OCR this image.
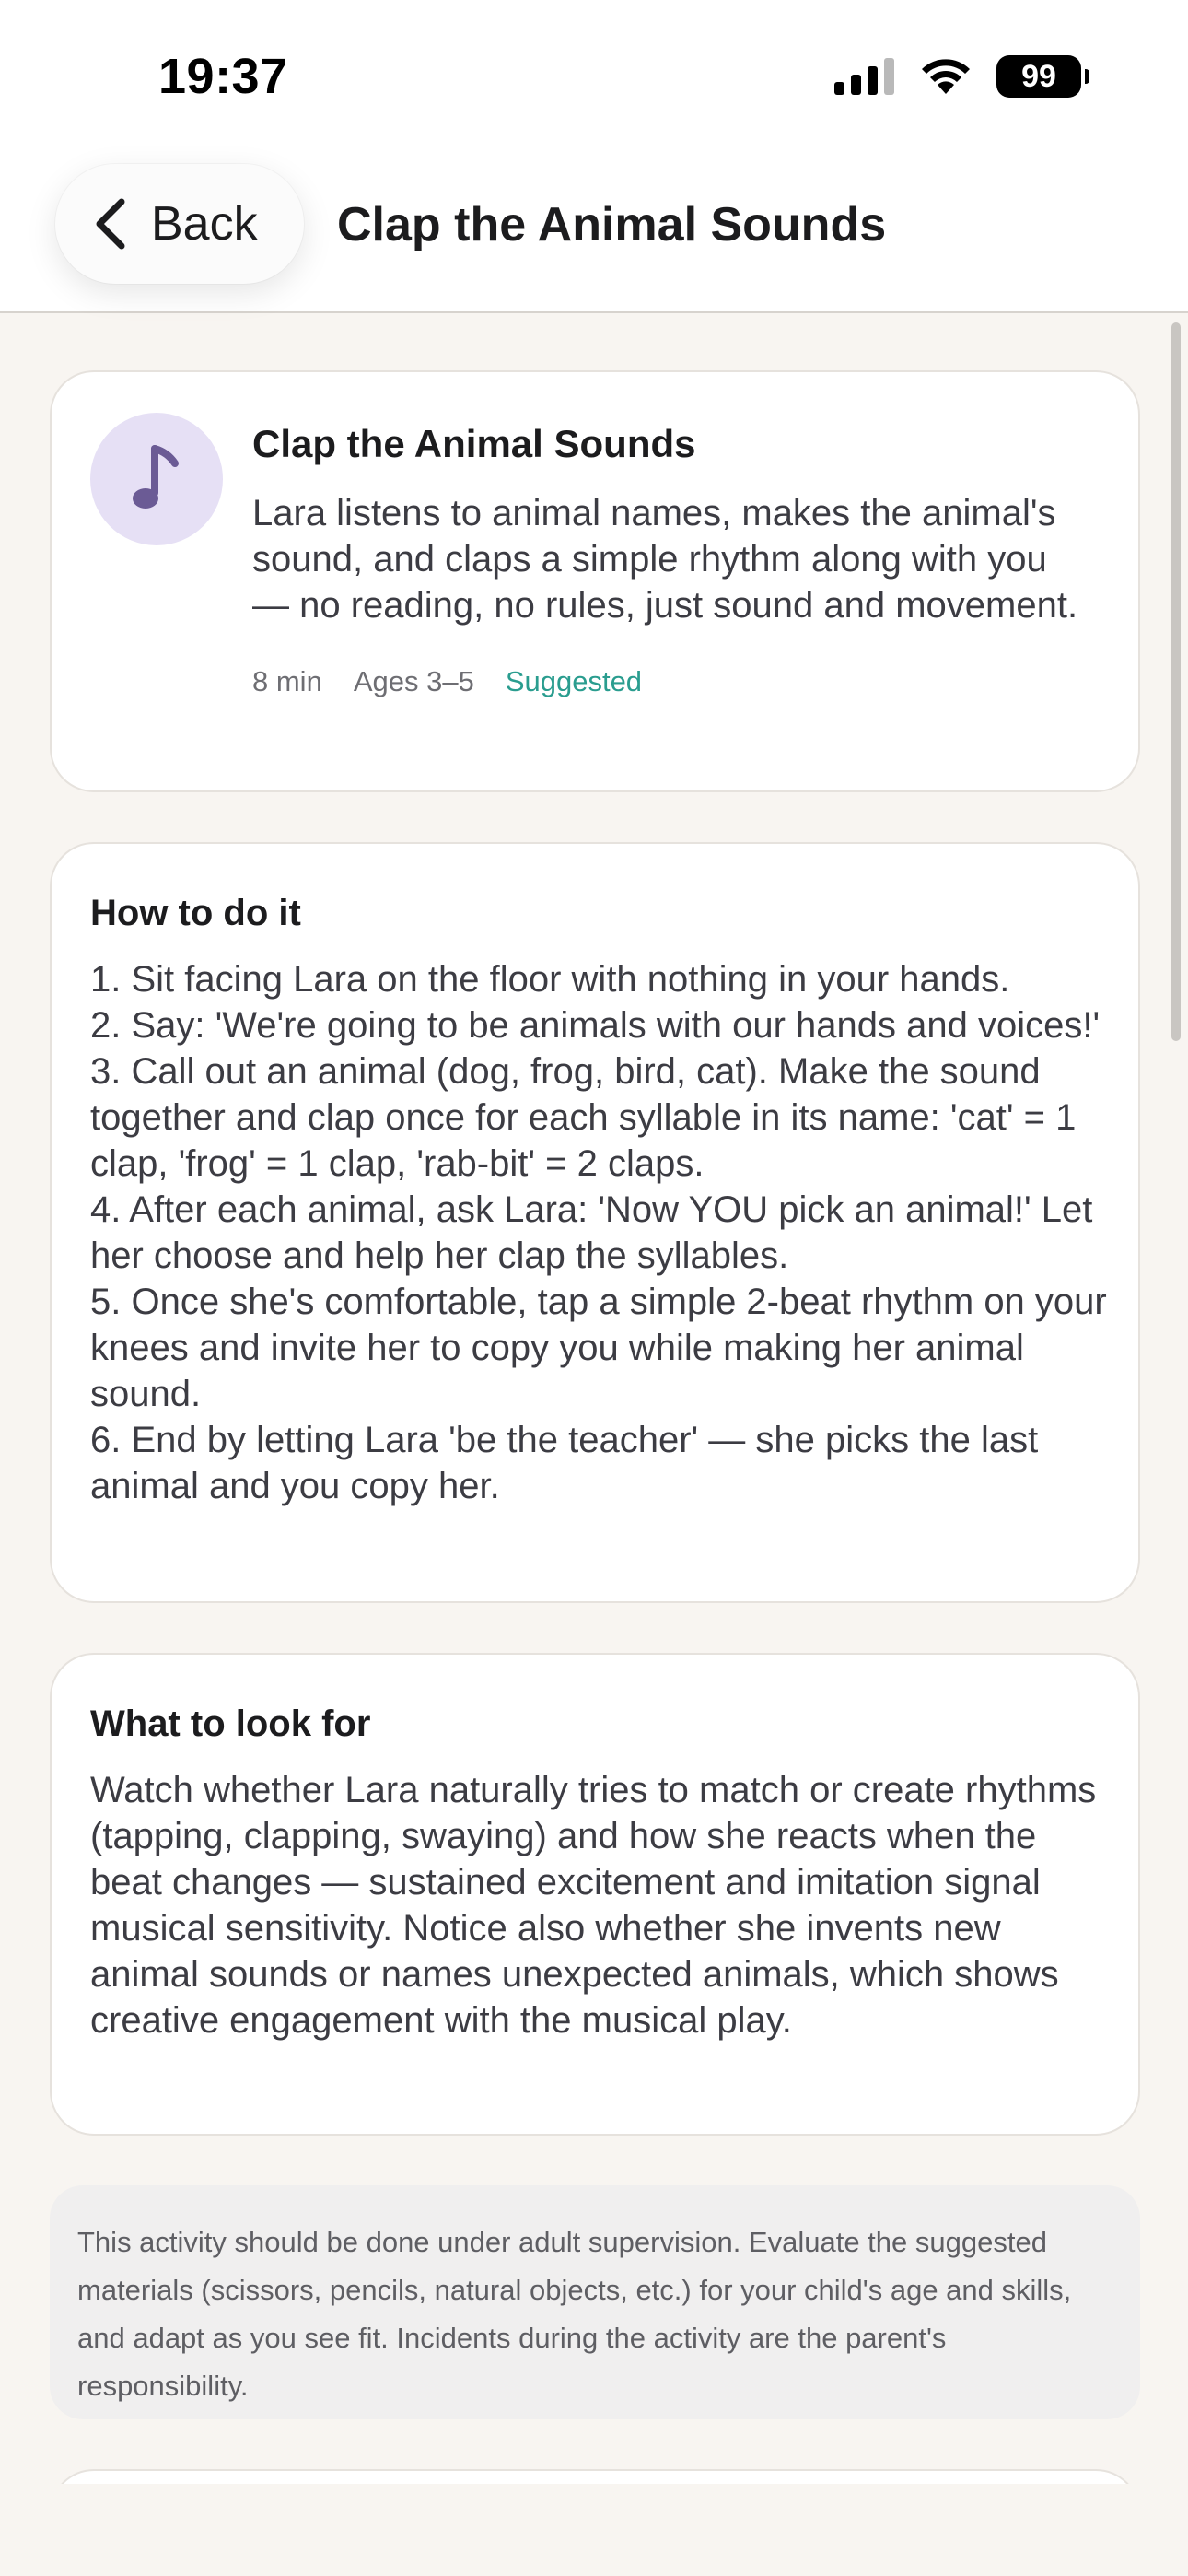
19:37	99
Back Clap the Animal Sounds
Clap the Animal Sounds
Lara listens to animal names, makes the animal's sound, and claps a simple rhythm along with you — no reading, no rules, just sound and movement.
8 min Ages 3–5 Suggested
How to do it
1. Sit facing Lara on the floor with nothing in your hands.
2. Say: 'We're going to be animals with our hands and voices!'
3. Call out an animal (dog, frog, bird, cat). Make the sound together and clap once for each syllable in its name: 'cat' = 1 clap, 'frog' = 1 clap, 'rab-bit' = 2 claps.
4. After each animal, ask Lara: 'Now YOU pick an animal!' Let her choose and help her clap the syllables.
5. Once she's comfortable, tap a simple 2-beat rhythm on your knees and invite her to copy you while making her animal sound.
6. End by letting Lara 'be the teacher' — she picks the last animal and you copy her.
What to look for
Watch whether Lara naturally tries to match or create rhythms (tapping, clapping, swaying) and how she reacts when the beat changes — sustained excitement and imitation signal musical sensitivity. Notice also whether she invents new animal sounds or names unexpected animals, which shows creative engagement with the musical play.
This activity should be done under adult supervision. Evaluate the suggested materials (scissors, pencils, natural objects, etc.) for your child's age and skills, and adapt as you see fit. Incidents during the activity are the parent's responsibility.
